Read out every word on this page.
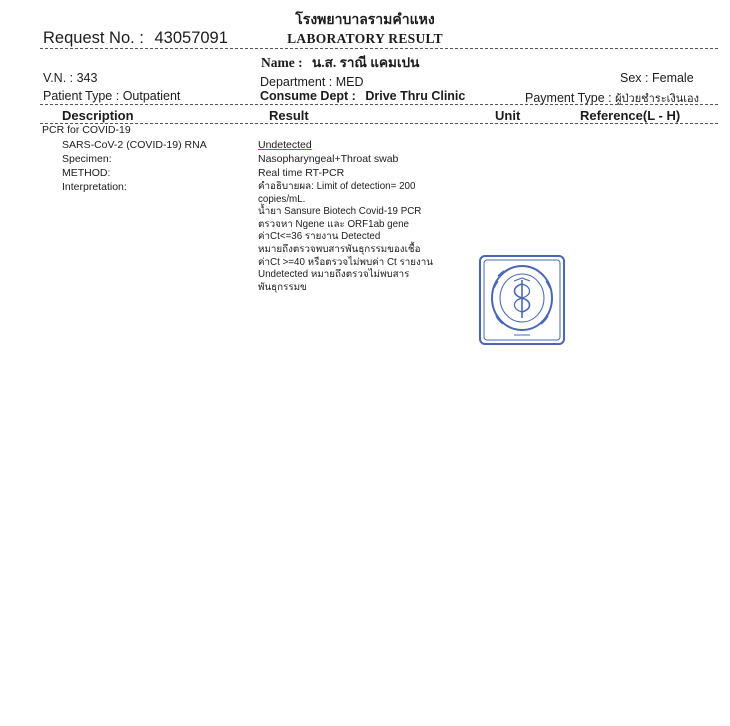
โรงพยาบาลรามคำแหง
LABORATORY RESULT
Request No. : 43057091
Name : น.ส. ราณี แคมเปน
V.N. : 343	Department : MED	Sex : Female
Patient Type : Outpatient	Consume Dept : Drive Thru Clinic	Payment Type : ผู้ป่วยชำระเงินเอง
Description	Result	Unit	Reference(L - H)
PCR for COVID-19
SARS-CoV-2 (COVID-19) RNA	Undetected
Specimen:	Nasopharyngeal+Throat swab
METHOD:	Real time RT-PCR
Interpretation:	คำอธิบายผล: Limit of detection= 200
copies/mL.
น้ำยา Sansure Biotech Covid-19 PCR
ตรวจหา Ngene และ ORF1ab gene
ค่าCt<=36 รายงาน Detected
หมายถึงตรวจพบสารพันธุกรรมของเชื้อ
ค่าCt >=40 หรือตรวจไม่พบค่า Ct รายงาน
Undetected หมายถึงตรวจไม่พบสาร
พันธุกรรมข
